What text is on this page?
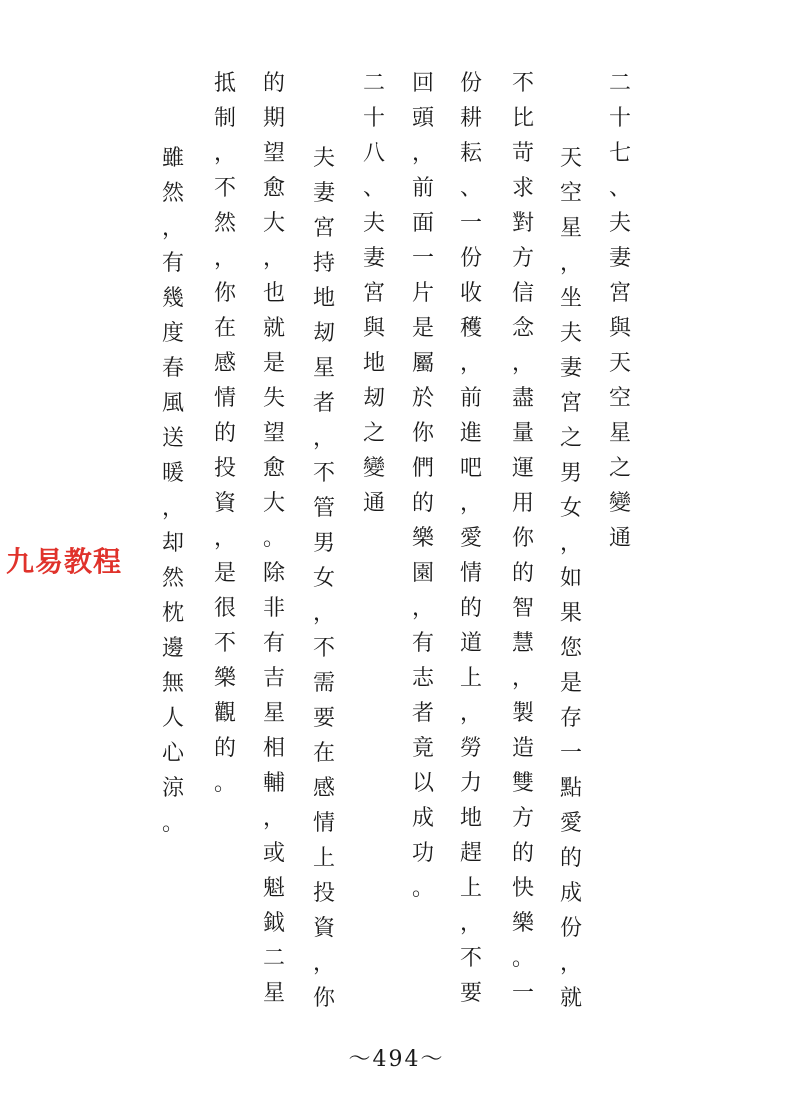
二
十
七
、
夫
妻
宮
與
天
空
星
之
變
通
天
空
星
，
坐
夫
妻
宮
之
男
女
，
如
果
您
是
存
一
點
愛
的
成
份
，
就
不
比
苛
求
對
方
信
念
，
盡
量
運
用
你
的
智
慧
，
製
造
雙
方
的
快
樂
。
一
份
耕
耘
、
一
份
收
穫
，
前
進
吧
，
愛
情
的
道
上
，
勞
力
地
趕
上
，
不
要
回
頭
，
前
面
一
片
是
屬
於
你
們
的
樂
園
，
有
志
者
竟
以
成
功
。
二
十
八
、
夫
妻
宮
與
地
刼
之
變
通
夫
妻
宮
持
地
刼
星
者
，
不
管
男
女
，
不
需
要
在
感
情
上
投
資
，
你
的
期
望
愈
大
，
也
就
是
失
望
愈
大
。
除
非
有
吉
星
相
輔
，
或
魁
鉞
二
星
抵
制
，
不
然
，
你
在
感
情
的
投
資
，
是
很
不
樂
觀
的
。
雖
然
，
有
幾
度
春
風
送
暖
，
却
然
枕
邊
無
人
心
涼
。
九易教程
～494～
